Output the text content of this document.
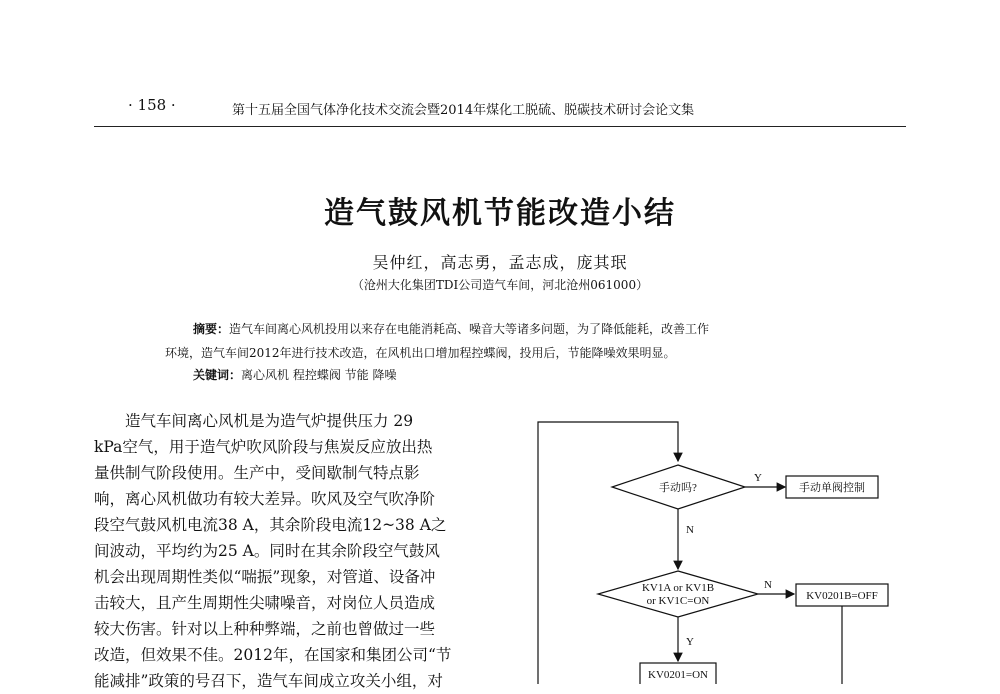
· 158 ·	第十五届全国气体净化技术交流会暨2014年煤化工脱硫、脱碳技术研讨会论文集
造气鼓风机节能改造小结
吴仲红，高志勇，孟志成，庞其珉
（沧州大化集团TDI公司造气车间，河北沧州061000）
摘要：造气车间离心风机投用以来存在电能消耗高、噪音大等诸多问题，为了降低能耗，改善工作
环境，造气车间2012年进行技术改造，在风机出口增加程控蝶阀，投用后，节能降噪效果明显。
关键词：离心风机 程控蝶阀 节能 降噪
　　造气车间离心风机是为造气炉提供压力 29
kPa空气，用于造气炉吹风阶段与焦炭反应放出热
量供制气阶段使用。生产中，受间歇制气特点影
响，离心风机做功有较大差异。吹风及空气吹净阶
段空气鼓风机电流38 A，其余阶段电流12~38 A之
间波动，平均约为25 A。同时在其余阶段空气鼓风
机会出现周期性类似“喘振”现象，对管道、设备冲
击较大，且产生周期性尖啸噪音，对岗位人员造成
较大伤害。针对以上种种弊端，之前也曾做过一些
改造，但效果不佳。2012年，在国家和集团公司“节
能减排”政策的号召下，造气车间成立攻关小组，对
手动吗?
Y
手动单阀控制
N
KV1A or KV1B
or KV1C=ON
N
KV0201B=OFF
Y
KV0201=ON
